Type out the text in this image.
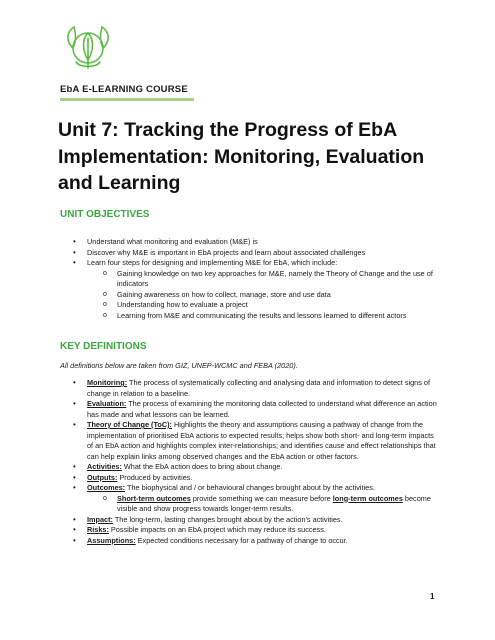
EbA E-LEARNING COURSE
Unit 7: Tracking the Progress of EbA Implementation: Monitoring, Evaluation and Learning
UNIT OBJECTIVES
• Understand what monitoring and evaluation (M&E) is
• Discover why M&E is important in EbA projects and learn about associated challenges
• Learn four steps for designing and implementing M&E for EbA, which include:
o Gaining knowledge on two key approaches for M&E, namely the Theory of Change and the use of indicators
o Gaining awareness on how to collect, manage, store and use data
o Understanding how to evaluate a project
o Learning from M&E and communicating the results and lessons learned to different actors
KEY DEFINITIONS
All definitions below are taken from GIZ, UNEP-WCMC and FEBA (2020).
• Monitoring: The process of systematically collecting and analysing data and information to detect signs of change in relation to a baseline.
• Evaluation: The process of examining the monitoring data collected to understand what difference an action has made and what lessons can be learned.
• Theory of Change (ToC): Highlights the theory and assumptions causing a pathway of change from the implementation of prioritised EbA actions to expected results; helps show both short- and long-term impacts of an EbA action and highlights complex inter-relationships; and identifies cause and effect relationships that can help explain links among observed changes and the EbA action or other factors.
• Activities: What the EbA action does to bring about change.
• Outputs: Produced by activities.
• Outcomes: The biophysical and / or behavioural changes brought about by the activities.
o Short-term outcomes provide something we can measure before long-term outcomes become visible and show progress towards longer-term results.
• Impact: The long-term, lasting changes brought about by the action's activities.
• Risks: Possible impacts on an EbA project which may reduce its success.
• Assumptions: Expected conditions necessary for a pathway of change to occur.
1
